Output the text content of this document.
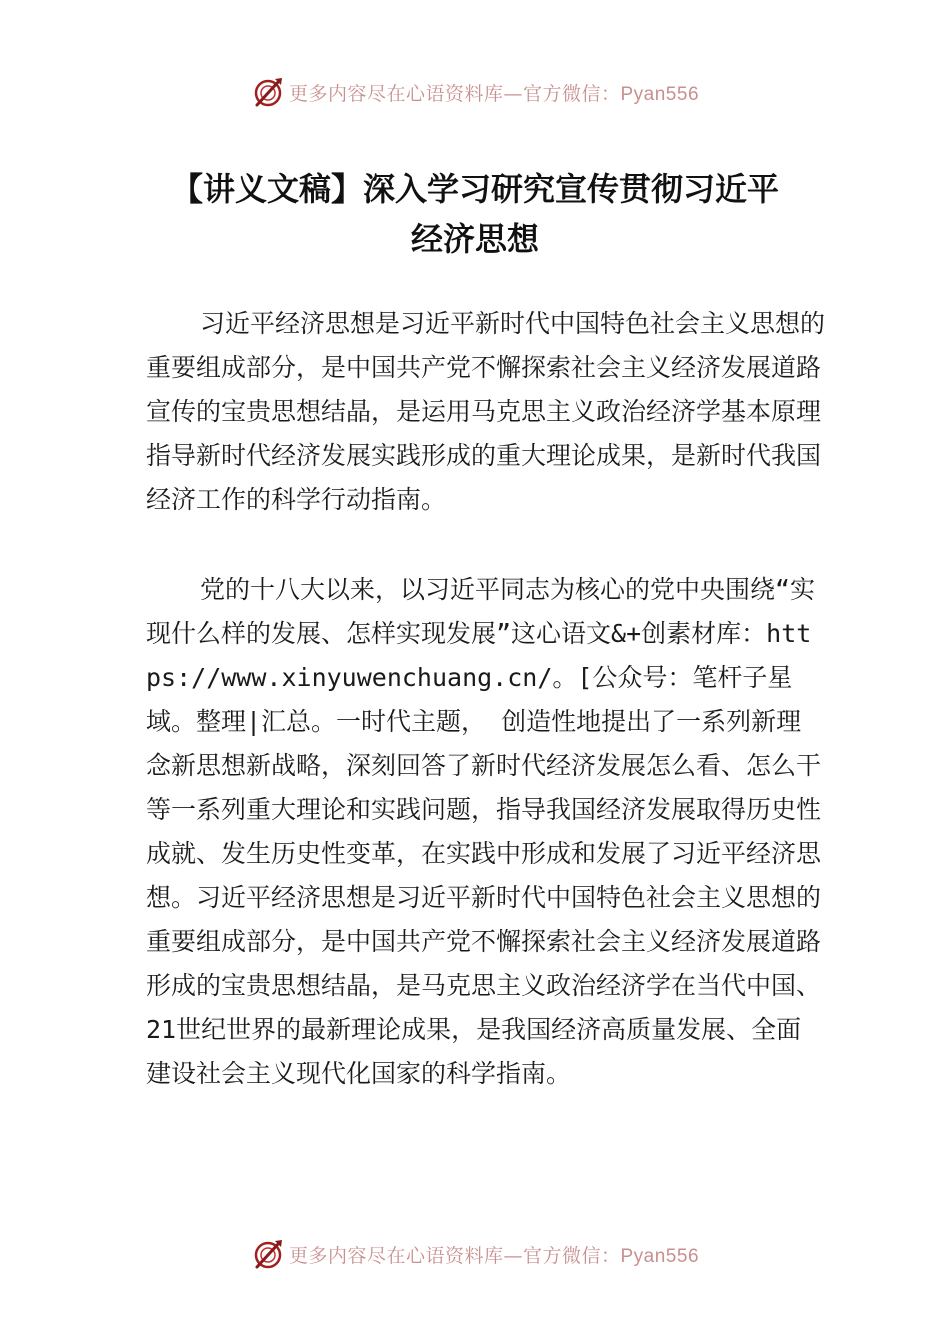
更多内容尽在心语资料库—官方微信：Pyan556
【讲义文稿】深入学习研究宣传贯彻习近平
经济思想

习近平经济思想是习近平新时代中国特色社会主义思想的重要组成部分，是中国共产党不懈探索社会主义经济发展道路宣传的宝贵思想结晶，是运用马克思主义政治经济学基本原理指导新时代经济发展实践形成的重大理论成果，是新时代我国经济工作的科学行动指南。

党的十八大以来，以习近平同志为核心的党中央围绕“实现什么样的发展、怎样实现发展”这心语文&+创素材库：https://www.xinyuwenchuang.cn/。[公众号：笔杆子星域。整理|汇总。一时代主题， 创造性地提出了一系列新理念新思想新战略，深刻回答了新时代经济发展怎么看、怎么干等一系列重大理论和实践问题，指导我国经济发展取得历史性成就、发生历史性变革，在实践中形成和发展了习近平经济思想。习近平经济思想是习近平新时代中国特色社会主义思想的重要组成部分，是中国共产党不懈探索社会主义经济发展道路形成的宝贵思想结晶，是马克思主义政治经济学在当代中国、21世纪世界的最新理论成果，是我国经济高质量发展、全面建设社会主义现代化国家的科学指南。

更多内容尽在心语资料库—官方微信：Pyan556
